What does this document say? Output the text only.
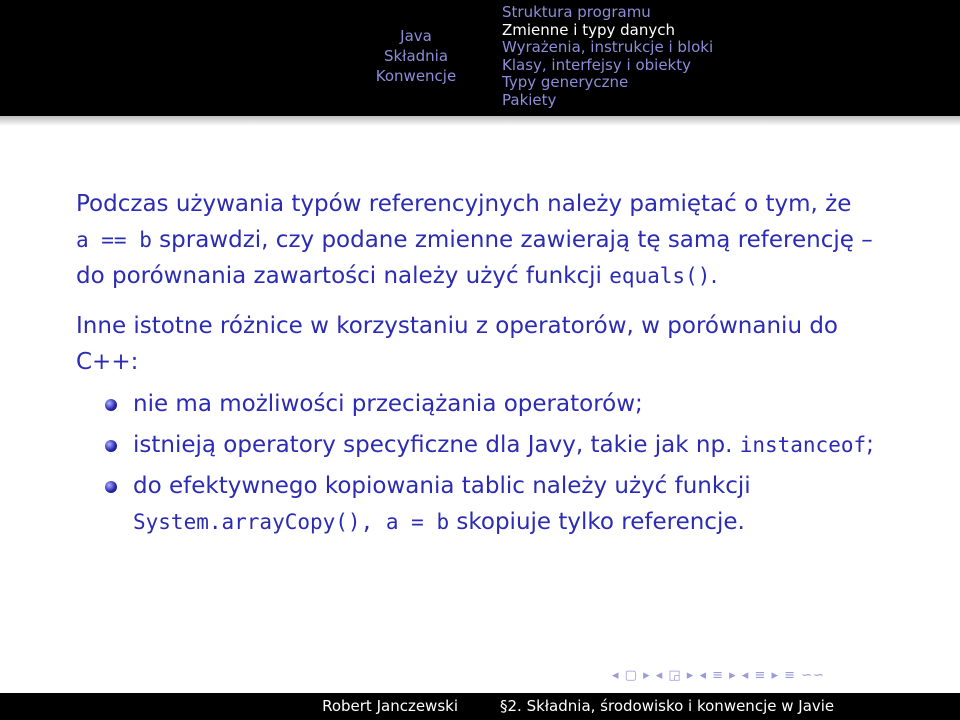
Java
Składnia
Konwencje
Struktura programu
Zmienne i typy danych
Wyrażenia, instrukcje i bloki
Klasy, interfejsy i obiekty
Typy generyczne
Pakiety

Podczas używania typów referencyjnych należy pamiętać o tym, że
a == b sprawdzi, czy podane zmienne zawierają tę samą referencję – do porównania zawartości należy użyć funkcji equals().

Inne istotne różnice w korzystaniu z operatorów, w porównaniu do C++:

nie ma możliwości przeciążania operatorów;
istnieją operatory specyficzne dla Javy, takie jak np. instanceof;
do efektywnego kopiowania tablic należy użyć funkcji System.arrayCopy(), a = b skopiuje tylko referencje.
◂ ▢ ▸ ◂ ◲ ▸ ◂ ≡ ▸ ◂ ≡ ▸ ≡ ∽∽
Robert Janczewski	§2. Składnia, środowisko i konwencje w Javie
